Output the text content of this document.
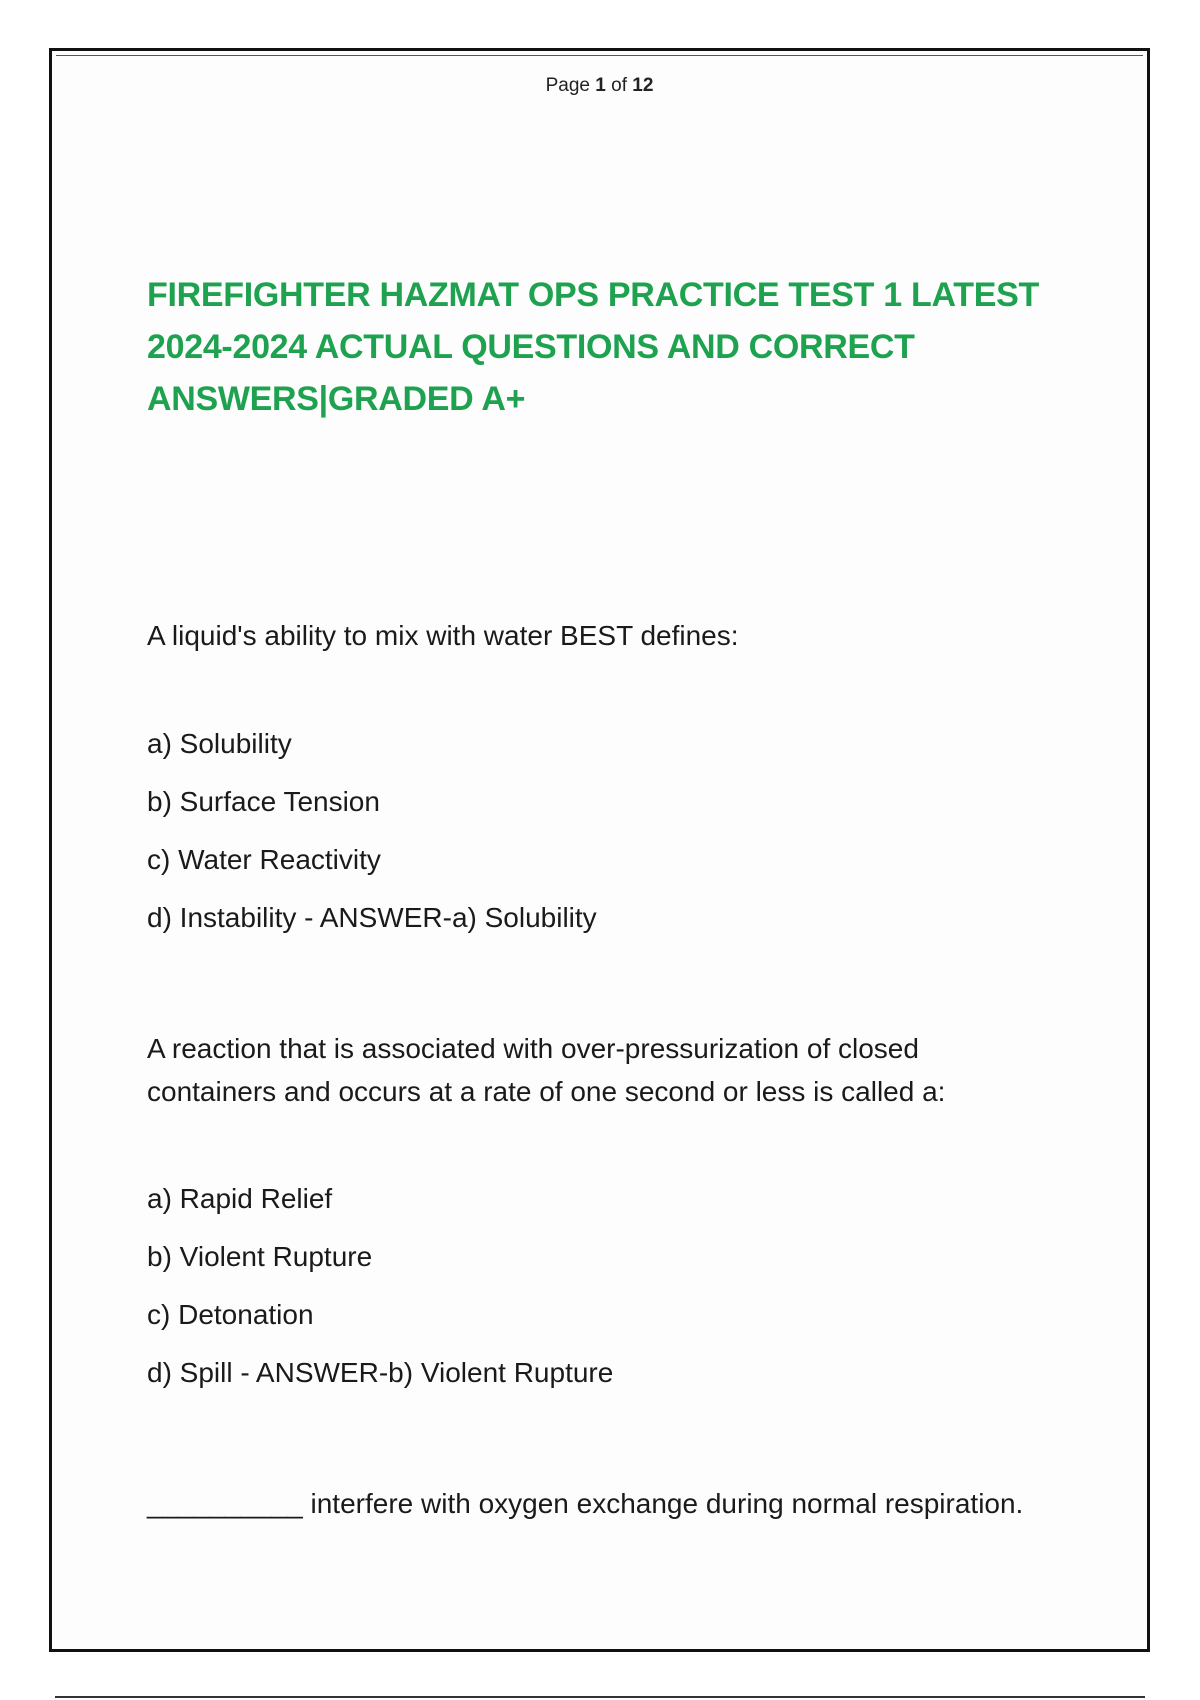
Page 1 of 12
FIREFIGHTER HAZMAT OPS PRACTICE TEST 1 LATEST 2024-2024 ACTUAL QUESTIONS AND CORRECT ANSWERS|GRADED A+

A liquid's ability to mix with water BEST defines:

a) Solubility
b) Surface Tension
c) Water Reactivity
d) Instability - ANSWER-a) Solubility

A reaction that is associated with over-pressurization of closed containers and occurs at a rate of one second or less is called a:

a) Rapid Relief
b) Violent Rupture
c) Detonation
d) Spill - ANSWER-b) Violent Rupture

__________ interfere with oxygen exchange during normal respiration.
